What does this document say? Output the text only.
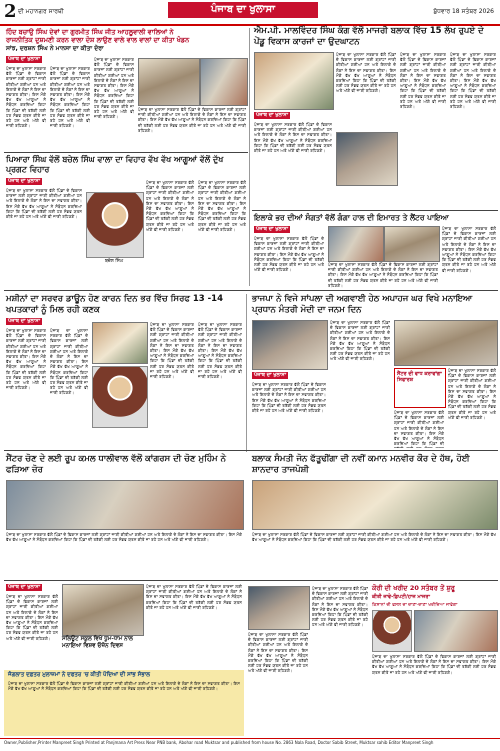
2 ਦੀ ਮਹਾਨਗਰ ਸਾਰਥੀ	ਪੰਜਾਬ ਦਾ ਖੁਲਾਸਾ	ਬੁੱਧਵਾਰ 18 ਸਤੰਬਰ 2026
ਹਿੰਦ ਬਚਾਉ ਸਿੰਘ ਦੇਵਾਂ ਦਾ ਗੁਰਮੀਤ ਸਿੰਘ ਜੀਤ ਆਹਲੂਵਾਲੀ ਵਾਲਿਆਂ ਨੇ ਰਾਜਨੀਤਿਕ ਦੁਸ਼ਮਣੀ ਕਰਨ ਵਾਲਾ ਦੋਸ਼ ਲਾਉਣ ਵਾਲੇ ਵਾਲ ਵਾਲਾਂ ਦਾ ਕੀਤਾ ਖੰਡਨ
ਸਾਂਝ, ਦਰਸ਼ਨ ਸਿੰਘ ਨੇ ਮਾਨਸਾ ਦਾ ਕੀਤਾ ਦੋਰਾ
ਪੰਜਾਬ ਦਾ ਖੁਲਾਸਾ
ਪੰਜਾਬ ਦਾ ਖੁਲਾਸਾ ਸਰਕਾਰ ਵੱਲੋਂ ਪਿੰਡਾਂ ਦੇ ਵਿਕਾਸ ਕਾਰਜਾਂ ਲਈ ਗ੍ਰਾਂਟਾਂ ਜਾਰੀ ਕੀਤੀਆਂ ਗਈਆਂ ਹਨ ਅਤੇ ਇਲਾਕੇ ਦੇ ਲੋਕਾਂ ਨੇ ਇਸ ਦਾ ਸਵਾਗਤ ਕੀਤਾ। ਇਸ ਮੌਕੇ ਵੱਖ ਵੱਖ ਆਗੂਆਂ ਨੇ ਸੰਬੋਧਨ ਕਰਦਿਆਂ ਕਿਹਾ ਕਿ ਪਿੰਡਾਂ ਦੀ ਤਰੱਕੀ ਲਈ ਹਰ ਸੰਭਵ ਯਤਨ ਕੀਤੇ ਜਾ ਰਹੇ ਹਨ ਅਤੇ ਅੱਗੇ ਵੀ ਜਾਰੀ ਰਹਿਣਗੇ।
ਪੰਜਾਬ ਦਾ ਖੁਲਾਸਾ ਸਰਕਾਰ ਵੱਲੋਂ ਪਿੰਡਾਂ ਦੇ ਵਿਕਾਸ ਕਾਰਜਾਂ ਲਈ ਗ੍ਰਾਂਟਾਂ ਜਾਰੀ ਕੀਤੀਆਂ ਗਈਆਂ ਹਨ ਅਤੇ ਇਲਾਕੇ ਦੇ ਲੋਕਾਂ ਨੇ ਇਸ ਦਾ ਸਵਾਗਤ ਕੀਤਾ। ਇਸ ਮੌਕੇ ਵੱਖ ਵੱਖ ਆਗੂਆਂ ਨੇ ਸੰਬੋਧਨ ਕਰਦਿਆਂ ਕਿਹਾ ਕਿ ਪਿੰਡਾਂ ਦੀ ਤਰੱਕੀ ਲਈ ਹਰ ਸੰਭਵ ਯਤਨ ਕੀਤੇ ਜਾ ਰਹੇ ਹਨ ਅਤੇ ਅੱਗੇ ਵੀ ਜਾਰੀ ਰਹਿਣਗੇ।
ਪੰਜਾਬ ਦਾ ਖੁਲਾਸਾ ਸਰਕਾਰ ਵੱਲੋਂ ਪਿੰਡਾਂ ਦੇ ਵਿਕਾਸ ਕਾਰਜਾਂ ਲਈ ਗ੍ਰਾਂਟਾਂ ਜਾਰੀ ਕੀਤੀਆਂ ਗਈਆਂ ਹਨ ਅਤੇ ਇਲਾਕੇ ਦੇ ਲੋਕਾਂ ਨੇ ਇਸ ਦਾ ਸਵਾਗਤ ਕੀਤਾ। ਇਸ ਮੌਕੇ ਵੱਖ ਵੱਖ ਆਗੂਆਂ ਨੇ ਸੰਬੋਧਨ ਕਰਦਿਆਂ ਕਿਹਾ ਕਿ ਪਿੰਡਾਂ ਦੀ ਤਰੱਕੀ ਲਈ ਹਰ ਸੰਭਵ ਯਤਨ ਕੀਤੇ ਜਾ ਰਹੇ ਹਨ ਅਤੇ ਅੱਗੇ ਵੀ ਜਾਰੀ ਰਹਿਣਗੇ।
ਪੰਜਾਬ ਦਾ ਖੁਲਾਸਾ ਸਰਕਾਰ ਵੱਲੋਂ ਪਿੰਡਾਂ ਦੇ ਵਿਕਾਸ ਕਾਰਜਾਂ ਲਈ ਗ੍ਰਾਂਟਾਂ ਜਾਰੀ ਕੀਤੀਆਂ ਗਈਆਂ ਹਨ ਅਤੇ ਇਲਾਕੇ ਦੇ ਲੋਕਾਂ ਨੇ ਇਸ ਦਾ ਸਵਾਗਤ ਕੀਤਾ। ਇਸ ਮੌਕੇ ਵੱਖ ਵੱਖ ਆਗੂਆਂ ਨੇ ਸੰਬੋਧਨ ਕਰਦਿਆਂ ਕਿਹਾ ਕਿ ਪਿੰਡਾਂ ਦੀ ਤਰੱਕੀ ਲਈ ਹਰ ਸੰਭਵ ਯਤਨ ਕੀਤੇ ਜਾ ਰਹੇ ਹਨ ਅਤੇ ਅੱਗੇ ਵੀ ਜਾਰੀ ਰਹਿਣਗੇ।
ਪਿਆਰਾ ਸਿੰਘ ਵੱਲੋਂ ਬਚੇਲ ਸਿੰਘ ਵਾਲਾ ਦਾ ਵਿਹਾਰ ਵੱਖ ਵੱਖ ਆਗੂਆਂ ਵੱਲੋਂ ਦੁੱਖ ਪ੍ਰਗਟ ਵਿਹਾਰ
ਪੰਜਾਬ ਦਾ ਖੁਲਾਸਾ
ਪੰਜਾਬ ਦਾ ਖੁਲਾਸਾ ਸਰਕਾਰ ਵੱਲੋਂ ਪਿੰਡਾਂ ਦੇ ਵਿਕਾਸ ਕਾਰਜਾਂ ਲਈ ਗ੍ਰਾਂਟਾਂ ਜਾਰੀ ਕੀਤੀਆਂ ਗਈਆਂ ਹਨ ਅਤੇ ਇਲਾਕੇ ਦੇ ਲੋਕਾਂ ਨੇ ਇਸ ਦਾ ਸਵਾਗਤ ਕੀਤਾ। ਇਸ ਮੌਕੇ ਵੱਖ ਵੱਖ ਆਗੂਆਂ ਨੇ ਸੰਬੋਧਨ ਕਰਦਿਆਂ ਕਿਹਾ ਕਿ ਪਿੰਡਾਂ ਦੀ ਤਰੱਕੀ ਲਈ ਹਰ ਸੰਭਵ ਯਤਨ ਕੀਤੇ ਜਾ ਰਹੇ ਹਨ ਅਤੇ ਅੱਗੇ ਵੀ ਜਾਰੀ ਰਹਿਣਗੇ।
ਬਚੇਲ ਸਿੰਘ
ਪੰਜਾਬ ਦਾ ਖੁਲਾਸਾ ਸਰਕਾਰ ਵੱਲੋਂ ਪਿੰਡਾਂ ਦੇ ਵਿਕਾਸ ਕਾਰਜਾਂ ਲਈ ਗ੍ਰਾਂਟਾਂ ਜਾਰੀ ਕੀਤੀਆਂ ਗਈਆਂ ਹਨ ਅਤੇ ਇਲਾਕੇ ਦੇ ਲੋਕਾਂ ਨੇ ਇਸ ਦਾ ਸਵਾਗਤ ਕੀਤਾ। ਇਸ ਮੌਕੇ ਵੱਖ ਵੱਖ ਆਗੂਆਂ ਨੇ ਸੰਬੋਧਨ ਕਰਦਿਆਂ ਕਿਹਾ ਕਿ ਪਿੰਡਾਂ ਦੀ ਤਰੱਕੀ ਲਈ ਹਰ ਸੰਭਵ ਯਤਨ ਕੀਤੇ ਜਾ ਰਹੇ ਹਨ ਅਤੇ ਅੱਗੇ ਵੀ ਜਾਰੀ ਰਹਿਣਗੇ।
ਪੰਜਾਬ ਦਾ ਖੁਲਾਸਾ ਸਰਕਾਰ ਵੱਲੋਂ ਪਿੰਡਾਂ ਦੇ ਵਿਕਾਸ ਕਾਰਜਾਂ ਲਈ ਗ੍ਰਾਂਟਾਂ ਜਾਰੀ ਕੀਤੀਆਂ ਗਈਆਂ ਹਨ ਅਤੇ ਇਲਾਕੇ ਦੇ ਲੋਕਾਂ ਨੇ ਇਸ ਦਾ ਸਵਾਗਤ ਕੀਤਾ। ਇਸ ਮੌਕੇ ਵੱਖ ਵੱਖ ਆਗੂਆਂ ਨੇ ਸੰਬੋਧਨ ਕਰਦਿਆਂ ਕਿਹਾ ਕਿ ਪਿੰਡਾਂ ਦੀ ਤਰੱਕੀ ਲਈ ਹਰ ਸੰਭਵ ਯਤਨ ਕੀਤੇ ਜਾ ਰਹੇ ਹਨ ਅਤੇ ਅੱਗੇ ਵੀ ਜਾਰੀ ਰਹਿਣਗੇ।
ਐਮ.ਪੀ. ਮਾਲਵਿੰਦਰ ਸਿੰਘ ਕੰਗ ਵੱਲੋਂ ਮਾਜਰੀ ਬਲਾਕ ਵਿੱਚ 15 ਲੱਖ ਰੁਪਏ ਦੇ ਪੇਂਡੂ ਵਿਕਾਸ ਕਾਰਜਾਂ ਦਾ ਉਦਘਾਟਨ
ਪੰਜਾਬ ਦਾ ਖੁਲਾਸਾ
ਪੰਜਾਬ ਦਾ ਖੁਲਾਸਾ ਸਰਕਾਰ ਵੱਲੋਂ ਪਿੰਡਾਂ ਦੇ ਵਿਕਾਸ ਕਾਰਜਾਂ ਲਈ ਗ੍ਰਾਂਟਾਂ ਜਾਰੀ ਕੀਤੀਆਂ ਗਈਆਂ ਹਨ ਅਤੇ ਇਲਾਕੇ ਦੇ ਲੋਕਾਂ ਨੇ ਇਸ ਦਾ ਸਵਾਗਤ ਕੀਤਾ। ਇਸ ਮੌਕੇ ਵੱਖ ਵੱਖ ਆਗੂਆਂ ਨੇ ਸੰਬੋਧਨ ਕਰਦਿਆਂ ਕਿਹਾ ਕਿ ਪਿੰਡਾਂ ਦੀ ਤਰੱਕੀ ਲਈ ਹਰ ਸੰਭਵ ਯਤਨ ਕੀਤੇ ਜਾ ਰਹੇ ਹਨ ਅਤੇ ਅੱਗੇ ਵੀ ਜਾਰੀ ਰਹਿਣਗੇ।
ਪੰਜਾਬ ਦਾ ਖੁਲਾਸਾ ਸਰਕਾਰ ਵੱਲੋਂ ਪਿੰਡਾਂ ਦੇ ਵਿਕਾਸ ਕਾਰਜਾਂ ਲਈ ਗ੍ਰਾਂਟਾਂ ਜਾਰੀ ਕੀਤੀਆਂ ਗਈਆਂ ਹਨ ਅਤੇ ਇਲਾਕੇ ਦੇ ਲੋਕਾਂ ਨੇ ਇਸ ਦਾ ਸਵਾਗਤ ਕੀਤਾ। ਇਸ ਮੌਕੇ ਵੱਖ ਵੱਖ ਆਗੂਆਂ ਨੇ ਸੰਬੋਧਨ ਕਰਦਿਆਂ ਕਿਹਾ ਕਿ ਪਿੰਡਾਂ ਦੀ ਤਰੱਕੀ ਲਈ ਹਰ ਸੰਭਵ ਯਤਨ ਕੀਤੇ ਜਾ ਰਹੇ ਹਨ ਅਤੇ ਅੱਗੇ ਵੀ ਜਾਰੀ ਰਹਿਣਗੇ।
ਪੰਜਾਬ ਦਾ ਖੁਲਾਸਾ ਸਰਕਾਰ ਵੱਲੋਂ ਪਿੰਡਾਂ ਦੇ ਵਿਕਾਸ ਕਾਰਜਾਂ ਲਈ ਗ੍ਰਾਂਟਾਂ ਜਾਰੀ ਕੀਤੀਆਂ ਗਈਆਂ ਹਨ ਅਤੇ ਇਲਾਕੇ ਦੇ ਲੋਕਾਂ ਨੇ ਇਸ ਦਾ ਸਵਾਗਤ ਕੀਤਾ। ਇਸ ਮੌਕੇ ਵੱਖ ਵੱਖ ਆਗੂਆਂ ਨੇ ਸੰਬੋਧਨ ਕਰਦਿਆਂ ਕਿਹਾ ਕਿ ਪਿੰਡਾਂ ਦੀ ਤਰੱਕੀ ਲਈ ਹਰ ਸੰਭਵ ਯਤਨ ਕੀਤੇ ਜਾ ਰਹੇ ਹਨ ਅਤੇ ਅੱਗੇ ਵੀ ਜਾਰੀ ਰਹਿਣਗੇ।
ਪੰਜਾਬ ਦਾ ਖੁਲਾਸਾ ਸਰਕਾਰ ਵੱਲੋਂ ਪਿੰਡਾਂ ਦੇ ਵਿਕਾਸ ਕਾਰਜਾਂ ਲਈ ਗ੍ਰਾਂਟਾਂ ਜਾਰੀ ਕੀਤੀਆਂ ਗਈਆਂ ਹਨ ਅਤੇ ਇਲਾਕੇ ਦੇ ਲੋਕਾਂ ਨੇ ਇਸ ਦਾ ਸਵਾਗਤ ਕੀਤਾ। ਇਸ ਮੌਕੇ ਵੱਖ ਵੱਖ ਆਗੂਆਂ ਨੇ ਸੰਬੋਧਨ ਕਰਦਿਆਂ ਕਿਹਾ ਕਿ ਪਿੰਡਾਂ ਦੀ ਤਰੱਕੀ ਲਈ ਹਰ ਸੰਭਵ ਯਤਨ ਕੀਤੇ ਜਾ ਰਹੇ ਹਨ ਅਤੇ ਅੱਗੇ ਵੀ ਜਾਰੀ ਰਹਿਣਗੇ।
ਇਲਾਕੇ ਭਰ ਦੀਆਂ ਸੰਗਤਾਂ ਵੱਲੋਂ ਗੰਗਾ ਹਾਲ ਦੀ ਇਮਾਰਤ ਤੇ ਲੈਂਟਰ ਪਾਇਆ
ਪੰਜਾਬ ਦਾ ਖੁਲਾਸਾ
ਪੰਜਾਬ ਦਾ ਖੁਲਾਸਾ ਸਰਕਾਰ ਵੱਲੋਂ ਪਿੰਡਾਂ ਦੇ ਵਿਕਾਸ ਕਾਰਜਾਂ ਲਈ ਗ੍ਰਾਂਟਾਂ ਜਾਰੀ ਕੀਤੀਆਂ ਗਈਆਂ ਹਨ ਅਤੇ ਇਲਾਕੇ ਦੇ ਲੋਕਾਂ ਨੇ ਇਸ ਦਾ ਸਵਾਗਤ ਕੀਤਾ। ਇਸ ਮੌਕੇ ਵੱਖ ਵੱਖ ਆਗੂਆਂ ਨੇ ਸੰਬੋਧਨ ਕਰਦਿਆਂ ਕਿਹਾ ਕਿ ਪਿੰਡਾਂ ਦੀ ਤਰੱਕੀ ਲਈ ਹਰ ਸੰਭਵ ਯਤਨ ਕੀਤੇ ਜਾ ਰਹੇ ਹਨ ਅਤੇ ਅੱਗੇ ਵੀ ਜਾਰੀ ਰਹਿਣਗੇ।
ਪੰਜਾਬ ਦਾ ਖੁਲਾਸਾ ਸਰਕਾਰ ਵੱਲੋਂ ਪਿੰਡਾਂ ਦੇ ਵਿਕਾਸ ਕਾਰਜਾਂ ਲਈ ਗ੍ਰਾਂਟਾਂ ਜਾਰੀ ਕੀਤੀਆਂ ਗਈਆਂ ਹਨ ਅਤੇ ਇਲਾਕੇ ਦੇ ਲੋਕਾਂ ਨੇ ਇਸ ਦਾ ਸਵਾਗਤ ਕੀਤਾ। ਇਸ ਮੌਕੇ ਵੱਖ ਵੱਖ ਆਗੂਆਂ ਨੇ ਸੰਬੋਧਨ ਕਰਦਿਆਂ ਕਿਹਾ ਕਿ ਪਿੰਡਾਂ ਦੀ ਤਰੱਕੀ ਲਈ ਹਰ ਸੰਭਵ ਯਤਨ ਕੀਤੇ ਜਾ ਰਹੇ ਹਨ ਅਤੇ ਅੱਗੇ ਵੀ ਜਾਰੀ ਰਹਿਣਗੇ।
ਪੰਜਾਬ ਦਾ ਖੁਲਾਸਾ ਸਰਕਾਰ ਵੱਲੋਂ ਪਿੰਡਾਂ ਦੇ ਵਿਕਾਸ ਕਾਰਜਾਂ ਲਈ ਗ੍ਰਾਂਟਾਂ ਜਾਰੀ ਕੀਤੀਆਂ ਗਈਆਂ ਹਨ ਅਤੇ ਇਲਾਕੇ ਦੇ ਲੋਕਾਂ ਨੇ ਇਸ ਦਾ ਸਵਾਗਤ ਕੀਤਾ। ਇਸ ਮੌਕੇ ਵੱਖ ਵੱਖ ਆਗੂਆਂ ਨੇ ਸੰਬੋਧਨ ਕਰਦਿਆਂ ਕਿਹਾ ਕਿ ਪਿੰਡਾਂ ਦੀ ਤਰੱਕੀ ਲਈ ਹਰ ਸੰਭਵ ਯਤਨ ਕੀਤੇ ਜਾ ਰਹੇ ਹਨ ਅਤੇ ਅੱਗੇ ਵੀ ਜਾਰੀ ਰਹਿਣਗੇ।
ਮਸ਼ੀਨਾਂ ਦਾ ਸਰਵਰ ਡਾਊਨ ਹੋਣ ਕਾਰਨ ਦਿਨ ਭਰ ਵਿੱਚ ਸਿਰਫ 13 -14 ਖਪਤਕਾਰਾਂ ਨੂੰ ਮਿਲ ਰਹੀ ਕਣਕ
ਪੰਜਾਬ ਦਾ ਖੁਲਾਸਾ
ਪੰਜਾਬ ਦਾ ਖੁਲਾਸਾ ਸਰਕਾਰ ਵੱਲੋਂ ਪਿੰਡਾਂ ਦੇ ਵਿਕਾਸ ਕਾਰਜਾਂ ਲਈ ਗ੍ਰਾਂਟਾਂ ਜਾਰੀ ਕੀਤੀਆਂ ਗਈਆਂ ਹਨ ਅਤੇ ਇਲਾਕੇ ਦੇ ਲੋਕਾਂ ਨੇ ਇਸ ਦਾ ਸਵਾਗਤ ਕੀਤਾ। ਇਸ ਮੌਕੇ ਵੱਖ ਵੱਖ ਆਗੂਆਂ ਨੇ ਸੰਬੋਧਨ ਕਰਦਿਆਂ ਕਿਹਾ ਕਿ ਪਿੰਡਾਂ ਦੀ ਤਰੱਕੀ ਲਈ ਹਰ ਸੰਭਵ ਯਤਨ ਕੀਤੇ ਜਾ ਰਹੇ ਹਨ ਅਤੇ ਅੱਗੇ ਵੀ ਜਾਰੀ ਰਹਿਣਗੇ।
ਪੰਜਾਬ ਦਾ ਖੁਲਾਸਾ ਸਰਕਾਰ ਵੱਲੋਂ ਪਿੰਡਾਂ ਦੇ ਵਿਕਾਸ ਕਾਰਜਾਂ ਲਈ ਗ੍ਰਾਂਟਾਂ ਜਾਰੀ ਕੀਤੀਆਂ ਗਈਆਂ ਹਨ ਅਤੇ ਇਲਾਕੇ ਦੇ ਲੋਕਾਂ ਨੇ ਇਸ ਦਾ ਸਵਾਗਤ ਕੀਤਾ। ਇਸ ਮੌਕੇ ਵੱਖ ਵੱਖ ਆਗੂਆਂ ਨੇ ਸੰਬੋਧਨ ਕਰਦਿਆਂ ਕਿਹਾ ਕਿ ਪਿੰਡਾਂ ਦੀ ਤਰੱਕੀ ਲਈ ਹਰ ਸੰਭਵ ਯਤਨ ਕੀਤੇ ਜਾ ਰਹੇ ਹਨ ਅਤੇ ਅੱਗੇ ਵੀ ਜਾਰੀ ਰਹਿਣਗੇ।
ਪੰਜਾਬ ਦਾ ਖੁਲਾਸਾ ਸਰਕਾਰ ਵੱਲੋਂ ਪਿੰਡਾਂ ਦੇ ਵਿਕਾਸ ਕਾਰਜਾਂ ਲਈ ਗ੍ਰਾਂਟਾਂ ਜਾਰੀ ਕੀਤੀਆਂ ਗਈਆਂ ਹਨ ਅਤੇ ਇਲਾਕੇ ਦੇ ਲੋਕਾਂ ਨੇ ਇਸ ਦਾ ਸਵਾਗਤ ਕੀਤਾ। ਇਸ ਮੌਕੇ ਵੱਖ ਵੱਖ ਆਗੂਆਂ ਨੇ ਸੰਬੋਧਨ ਕਰਦਿਆਂ ਕਿਹਾ ਕਿ ਪਿੰਡਾਂ ਦੀ ਤਰੱਕੀ ਲਈ ਹਰ ਸੰਭਵ ਯਤਨ ਕੀਤੇ ਜਾ ਰਹੇ ਹਨ ਅਤੇ ਅੱਗੇ ਵੀ ਜਾਰੀ ਰਹਿਣਗੇ।
ਪੰਜਾਬ ਦਾ ਖੁਲਾਸਾ ਸਰਕਾਰ ਵੱਲੋਂ ਪਿੰਡਾਂ ਦੇ ਵਿਕਾਸ ਕਾਰਜਾਂ ਲਈ ਗ੍ਰਾਂਟਾਂ ਜਾਰੀ ਕੀਤੀਆਂ ਗਈਆਂ ਹਨ ਅਤੇ ਇਲਾਕੇ ਦੇ ਲੋਕਾਂ ਨੇ ਇਸ ਦਾ ਸਵਾਗਤ ਕੀਤਾ। ਇਸ ਮੌਕੇ ਵੱਖ ਵੱਖ ਆਗੂਆਂ ਨੇ ਸੰਬੋਧਨ ਕਰਦਿਆਂ ਕਿਹਾ ਕਿ ਪਿੰਡਾਂ ਦੀ ਤਰੱਕੀ ਲਈ ਹਰ ਸੰਭਵ ਯਤਨ ਕੀਤੇ ਜਾ ਰਹੇ ਹਨ ਅਤੇ ਅੱਗੇ ਵੀ ਜਾਰੀ ਰਹਿਣਗੇ।
ਭਾਜਪਾ ਨੇ ਵਿਜੇ ਸਾਂਪਲਾ ਦੀ ਅਗਵਾਈ ਹੇਠ ਅਪਾਹਜ ਘਰ ਵਿਖੇ ਮਨਾਇਆ ਪ੍ਰਧਾਨ ਮੰਤਰੀ ਮੋਦੀ ਦਾ ਜਨਮ ਦਿਨ
ਪੰਜਾਬ ਦਾ ਖੁਲਾਸਾ
ਪੰਜਾਬ ਦਾ ਖੁਲਾਸਾ ਸਰਕਾਰ ਵੱਲੋਂ ਪਿੰਡਾਂ ਦੇ ਵਿਕਾਸ ਕਾਰਜਾਂ ਲਈ ਗ੍ਰਾਂਟਾਂ ਜਾਰੀ ਕੀਤੀਆਂ ਗਈਆਂ ਹਨ ਅਤੇ ਇਲਾਕੇ ਦੇ ਲੋਕਾਂ ਨੇ ਇਸ ਦਾ ਸਵਾਗਤ ਕੀਤਾ। ਇਸ ਮੌਕੇ ਵੱਖ ਵੱਖ ਆਗੂਆਂ ਨੇ ਸੰਬੋਧਨ ਕਰਦਿਆਂ ਕਿਹਾ ਕਿ ਪਿੰਡਾਂ ਦੀ ਤਰੱਕੀ ਲਈ ਹਰ ਸੰਭਵ ਯਤਨ ਕੀਤੇ ਜਾ ਰਹੇ ਹਨ ਅਤੇ ਅੱਗੇ ਵੀ ਜਾਰੀ ਰਹਿਣਗੇ।
ਪੰਜਾਬ ਦਾ ਖੁਲਾਸਾ ਸਰਕਾਰ ਵੱਲੋਂ ਪਿੰਡਾਂ ਦੇ ਵਿਕਾਸ ਕਾਰਜਾਂ ਲਈ ਗ੍ਰਾਂਟਾਂ ਜਾਰੀ ਕੀਤੀਆਂ ਗਈਆਂ ਹਨ ਅਤੇ ਇਲਾਕੇ ਦੇ ਲੋਕਾਂ ਨੇ ਇਸ ਦਾ ਸਵਾਗਤ ਕੀਤਾ। ਇਸ ਮੌਕੇ ਵੱਖ ਵੱਖ ਆਗੂਆਂ ਨੇ ਸੰਬੋਧਨ ਕਰਦਿਆਂ ਕਿਹਾ ਕਿ ਪਿੰਡਾਂ ਦੀ ਤਰੱਕੀ ਲਈ ਹਰ ਸੰਭਵ ਯਤਨ ਕੀਤੇ ਜਾ ਰਹੇ ਹਨ ਅਤੇ ਅੱਗੇ ਵੀ ਜਾਰੀ ਰਹਿਣਗੇ।
ਸੈਂਟਰ ਦੀ ਵਾਧ ਕਰਾਵਾਂਗਾ ਸਿਫਾਰਸ਼
ਪੰਜਾਬ ਦਾ ਖੁਲਾਸਾ ਸਰਕਾਰ ਵੱਲੋਂ ਪਿੰਡਾਂ ਦੇ ਵਿਕਾਸ ਕਾਰਜਾਂ ਲਈ ਗ੍ਰਾਂਟਾਂ ਜਾਰੀ ਕੀਤੀਆਂ ਗਈਆਂ ਹਨ ਅਤੇ ਇਲਾਕੇ ਦੇ ਲੋਕਾਂ ਨੇ ਇਸ ਦਾ ਸਵਾਗਤ ਕੀਤਾ। ਇਸ ਮੌਕੇ ਵੱਖ ਵੱਖ ਆਗੂਆਂ ਨੇ ਸੰਬੋਧਨ ਕਰਦਿਆਂ ਕਿਹਾ ਕਿ ਪਿੰਡਾਂ ਦੀ ਤਰੱਕੀ ਲਈ ਹਰ ਸੰਭਵ ਯਤਨ ਕੀਤੇ ਜਾ ਰਹੇ ਹਨ ਅਤੇ ਅੱਗੇ ਵੀ ਜਾਰੀ ਰਹਿਣਗੇ।
ਪੰਜਾਬ ਦਾ ਖੁਲਾਸਾ ਸਰਕਾਰ ਵੱਲੋਂ ਪਿੰਡਾਂ ਦੇ ਵਿਕਾਸ ਕਾਰਜਾਂ ਲਈ ਗ੍ਰਾਂਟਾਂ ਜਾਰੀ ਕੀਤੀਆਂ ਗਈਆਂ ਹਨ ਅਤੇ ਇਲਾਕੇ ਦੇ ਲੋਕਾਂ ਨੇ ਇਸ ਦਾ ਸਵਾਗਤ ਕੀਤਾ। ਇਸ ਮੌਕੇ ਵੱਖ ਵੱਖ ਆਗੂਆਂ ਨੇ ਸੰਬੋਧਨ ਕਰਦਿਆਂ ਕਿਹਾ ਕਿ ਪਿੰਡਾਂ ਦੀ
ਸੈਂਟਰ ਚੋਣ ਦੇ ਲਈ ਰੂਪ ਕਮਲ ਧਾਲੀਵਾਲ ਵੱਲੋਂ ਕਾਂਗਰਸ ਦੀ ਚੋਣ ਮੁਹਿੰਮ ਨੇ ਫੜਿਆ ਜ਼ੋਰ
ਬਲਾਕ ਸੰਮਤੀ ਜੋਨ ਫੱਤੂਢੀਂਗਾ ਦੀ ਨਵੀਂ ਕਮਾਨ ਮਨਵੀਰ ਕੌਰ ਦੇ ਹੱਥ, ਹੋਈ ਸ਼ਾਨਦਾਰ ਤਾਜਪੋਸ਼ੀ
ਪੰਜਾਬ ਦਾ ਖੁਲਾਸਾ ਸਰਕਾਰ ਵੱਲੋਂ ਪਿੰਡਾਂ ਦੇ ਵਿਕਾਸ ਕਾਰਜਾਂ ਲਈ ਗ੍ਰਾਂਟਾਂ ਜਾਰੀ ਕੀਤੀਆਂ ਗਈਆਂ ਹਨ ਅਤੇ ਇਲਾਕੇ ਦੇ ਲੋਕਾਂ ਨੇ ਇਸ ਦਾ ਸਵਾਗਤ ਕੀਤਾ। ਇਸ ਮੌਕੇ ਵੱਖ ਵੱਖ ਆਗੂਆਂ ਨੇ ਸੰਬੋਧਨ ਕਰਦਿਆਂ ਕਿਹਾ ਕਿ ਪਿੰਡਾਂ ਦੀ ਤਰੱਕੀ ਲਈ ਹਰ ਸੰਭਵ ਯਤਨ ਕੀਤੇ ਜਾ ਰਹੇ ਹਨ ਅਤੇ ਅੱਗੇ ਵੀ ਜਾਰੀ ਰਹਿਣਗੇ।
ਪੰਜਾਬ ਦਾ ਖੁਲਾਸਾ ਸਰਕਾਰ ਵੱਲੋਂ ਪਿੰਡਾਂ ਦੇ ਵਿਕਾਸ ਕਾਰਜਾਂ ਲਈ ਗ੍ਰਾਂਟਾਂ ਜਾਰੀ ਕੀਤੀਆਂ ਗਈਆਂ ਹਨ ਅਤੇ ਇਲਾਕੇ ਦੇ ਲੋਕਾਂ ਨੇ ਇਸ ਦਾ ਸਵਾਗਤ ਕੀਤਾ। ਇਸ ਮੌਕੇ ਵੱਖ ਵੱਖ ਆਗੂਆਂ ਨੇ ਸੰਬੋਧਨ ਕਰਦਿਆਂ ਕਿਹਾ ਕਿ ਪਿੰਡਾਂ ਦੀ ਤਰੱਕੀ ਲਈ ਹਰ ਸੰਭਵ ਯਤਨ ਕੀਤੇ ਜਾ ਰਹੇ ਹਨ ਅਤੇ ਅੱਗੇ ਵੀ ਜਾਰੀ ਰਹਿਣਗੇ।
ਪੰਜਾਬ ਦਾ ਖੁਲਾਸਾ
ਪੰਜਾਬ ਦਾ ਖੁਲਾਸਾ ਸਰਕਾਰ ਵੱਲੋਂ ਪਿੰਡਾਂ ਦੇ ਵਿਕਾਸ ਕਾਰਜਾਂ ਲਈ ਗ੍ਰਾਂਟਾਂ ਜਾਰੀ ਕੀਤੀਆਂ ਗਈਆਂ ਹਨ ਅਤੇ ਇਲਾਕੇ ਦੇ ਲੋਕਾਂ ਨੇ ਇਸ ਦਾ ਸਵਾਗਤ ਕੀਤਾ। ਇਸ ਮੌਕੇ ਵੱਖ ਵੱਖ ਆਗੂਆਂ ਨੇ ਸੰਬੋਧਨ ਕਰਦਿਆਂ ਕਿਹਾ ਕਿ ਪਿੰਡਾਂ ਦੀ ਤਰੱਕੀ ਲਈ ਹਰ ਸੰਭਵ ਯਤਨ ਕੀਤੇ ਜਾ ਰਹੇ ਹਨ ਅਤੇ ਅੱਗੇ ਵੀ ਜਾਰੀ ਰਹਿਣਗੇ।	ਸਲਿਊਟ ਸਕੂਲ ਵਿਖੇ ਧੂਮ-ਧਾਮ ਨਾਲ ਮਨਾਇਆ ਵਿਸ਼ਵ ਓਜ਼ੋਨ ਦਿਵਸ
ਪੰਜਾਬ ਦਾ ਖੁਲਾਸਾ ਸਰਕਾਰ ਵੱਲੋਂ ਪਿੰਡਾਂ ਦੇ ਵਿਕਾਸ ਕਾਰਜਾਂ ਲਈ ਗ੍ਰਾਂਟਾਂ ਜਾਰੀ ਕੀਤੀਆਂ ਗਈਆਂ ਹਨ ਅਤੇ ਇਲਾਕੇ ਦੇ ਲੋਕਾਂ ਨੇ ਇਸ ਦਾ ਸਵਾਗਤ ਕੀਤਾ। ਇਸ ਮੌਕੇ ਵੱਖ ਵੱਖ ਆਗੂਆਂ ਨੇ ਸੰਬੋਧਨ ਕਰਦਿਆਂ ਕਿਹਾ ਕਿ ਪਿੰਡਾਂ ਦੀ ਤਰੱਕੀ ਲਈ ਹਰ ਸੰਭਵ ਯਤਨ ਕੀਤੇ ਜਾ ਰਹੇ ਹਨ ਅਤੇ ਅੱਗੇ ਵੀ ਜਾਰੀ ਰਹਿਣਗੇ।
ਜੰਗਲਾਤ ਦਫ਼ਤਰ ਮੁਲਾਜ਼ਮਾਂ ਨੇ ਦਫਤਰ 'ਚ ਕੀਤੀ ਪੌਦਿਆਂ ਦੀ ਸਾਂਭ ਸੰਭਾਲ
ਪੰਜਾਬ ਦਾ ਖੁਲਾਸਾ ਸਰਕਾਰ ਵੱਲੋਂ ਪਿੰਡਾਂ ਦੇ ਵਿਕਾਸ ਕਾਰਜਾਂ ਲਈ ਗ੍ਰਾਂਟਾਂ ਜਾਰੀ ਕੀਤੀਆਂ ਗਈਆਂ ਹਨ ਅਤੇ ਇਲਾਕੇ ਦੇ ਲੋਕਾਂ ਨੇ ਇਸ ਦਾ ਸਵਾਗਤ ਕੀਤਾ। ਇਸ ਮੌਕੇ ਵੱਖ ਵੱਖ ਆਗੂਆਂ ਨੇ ਸੰਬੋਧਨ ਕਰਦਿਆਂ ਕਿਹਾ ਕਿ ਪਿੰਡਾਂ ਦੀ ਤਰੱਕੀ ਲਈ ਹਰ ਸੰਭਵ ਯਤਨ ਕੀਤੇ ਜਾ ਰਹੇ ਹਨ ਅਤੇ ਅੱਗੇ ਵੀ ਜਾਰੀ ਰਹਿਣਗੇ।
ਪੰਜਾਬ ਦਾ ਖੁਲਾਸਾ ਸਰਕਾਰ ਵੱਲੋਂ ਪਿੰਡਾਂ ਦੇ ਵਿਕਾਸ ਕਾਰਜਾਂ ਲਈ ਗ੍ਰਾਂਟਾਂ ਜਾਰੀ ਕੀਤੀਆਂ ਗਈਆਂ ਹਨ ਅਤੇ ਇਲਾਕੇ ਦੇ ਲੋਕਾਂ ਨੇ ਇਸ ਦਾ ਸਵਾਗਤ ਕੀਤਾ। ਇਸ ਮੌਕੇ ਵੱਖ ਵੱਖ ਆਗੂਆਂ ਨੇ ਸੰਬੋਧਨ ਕਰਦਿਆਂ ਕਿਹਾ ਕਿ ਪਿੰਡਾਂ ਦੀ ਤਰੱਕੀ ਲਈ ਹਰ ਸੰਭਵ ਯਤਨ ਕੀਤੇ ਜਾ ਰਹੇ ਹਨ ਅਤੇ ਅੱਗੇ ਵੀ ਜਾਰੀ ਰਹਿਣਗੇ।
ਪੰਜਾਬ ਦਾ ਖੁਲਾਸਾ ਸਰਕਾਰ ਵੱਲੋਂ ਪਿੰਡਾਂ ਦੇ ਵਿਕਾਸ ਕਾਰਜਾਂ ਲਈ ਗ੍ਰਾਂਟਾਂ ਜਾਰੀ ਕੀਤੀਆਂ ਗਈਆਂ ਹਨ ਅਤੇ ਇਲਾਕੇ ਦੇ ਲੋਕਾਂ ਨੇ ਇਸ ਦਾ ਸਵਾਗਤ ਕੀਤਾ। ਇਸ ਮੌਕੇ ਵੱਖ ਵੱਖ ਆਗੂਆਂ ਨੇ ਸੰਬੋਧਨ ਕਰਦਿਆਂ ਕਿਹਾ ਕਿ ਪਿੰਡਾਂ ਦੀ ਤਰੱਕੀ ਲਈ ਹਰ ਸੰਭਵ ਯਤਨ ਕੀਤੇ ਜਾ ਰਹੇ ਹਨ ਅਤੇ ਅੱਗੇ ਵੀ ਜਾਰੀ ਰਹਿਣਗੇ।
ਕੋਰੀ ਦੀ ਖਰੀਦ 20 ਸਤੰਬਰ ਤੋਂ ਸ਼ੁਰੂ
ਕੀਤੀ ਜਾਵੇ-ਡਿਪਟੀ/ਹਾਜ ਮਾਜਰਾ
ਕਿਸਾਨਾਂ ਦੀ ਫਸਲ ਦਾ ਦਾਣਾ-ਦਾਣਾ ਖਰੀਦਿਆ ਜਾਵੇਗਾ
ਪੰਜਾਬ ਦਾ ਖੁਲਾਸਾ ਸਰਕਾਰ ਵੱਲੋਂ ਪਿੰਡਾਂ ਦੇ ਵਿਕਾਸ ਕਾਰਜਾਂ ਲਈ ਗ੍ਰਾਂਟਾਂ ਜਾਰੀ ਕੀਤੀਆਂ ਗਈਆਂ ਹਨ ਅਤੇ ਇਲਾਕੇ ਦੇ ਲੋਕਾਂ ਨੇ ਇਸ ਦਾ ਸਵਾਗਤ ਕੀਤਾ। ਇਸ ਮੌਕੇ ਵੱਖ ਵੱਖ ਆਗੂਆਂ ਨੇ ਸੰਬੋਧਨ ਕਰਦਿਆਂ ਕਿਹਾ ਕਿ ਪਿੰਡਾਂ ਦੀ ਤਰੱਕੀ ਲਈ ਹਰ ਸੰਭਵ ਯਤਨ ਕੀਤੇ ਜਾ ਰਹੇ ਹਨ ਅਤੇ ਅੱਗੇ ਵੀ ਜਾਰੀ ਰਹਿਣਗੇ।
Owner,Publisher,Printer Manpreet Singh Printed at Panjmana Art Press Near PNB bank, Abohar road Muktsar and published from house No. 2863 Nala Road, Doctor Sabib Street, Muktsar sahib Editor Manpreet Singh
